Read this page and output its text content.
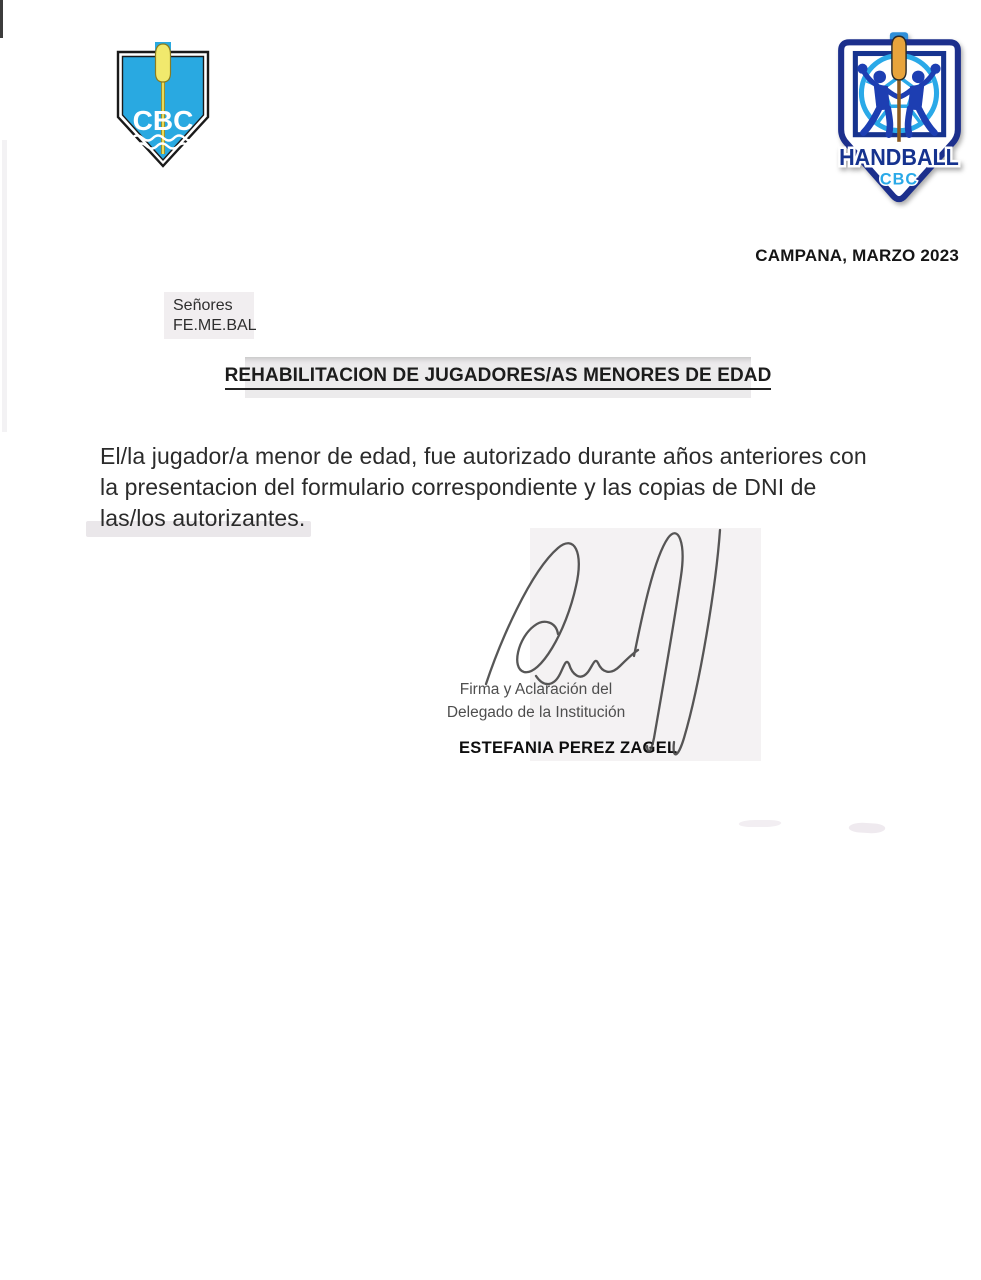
CBC
HANDBALL
CBC
CAMPANA, MARZO 2023
Señores
FE.ME.BAL
REHABILITACION DE JUGADORES/AS MENORES DE EDAD
El/la jugador/a menor de edad, fue autorizado durante años anteriores con
la presentacion del formulario correspondiente y las copias de DNI de
las/los autorizantes.
Firma y Aclaración del
Delegado de la Institución
ESTEFANIA PEREZ ZAGEL
